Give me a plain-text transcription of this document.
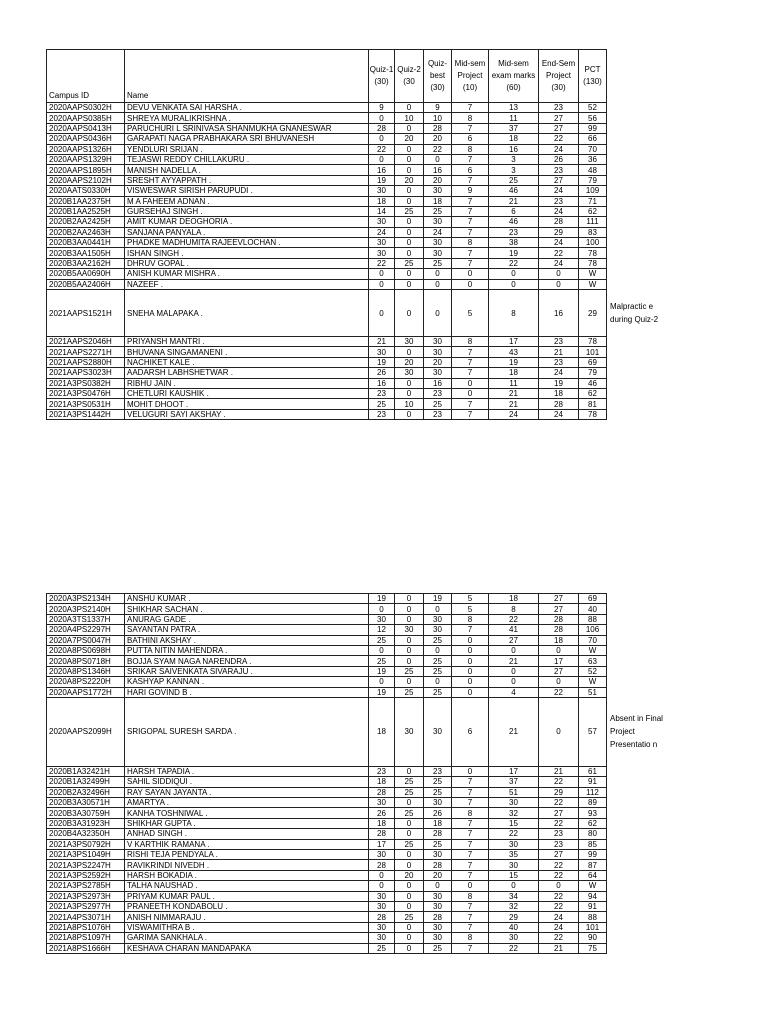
Campus ID	Name	Quiz-1 (30)	Quiz-2 (30	Quiz-best (30)	Mid-sem Project (10)	Mid-sem exam marks (60)	End-Sem Project (30)	PCT (130)	
2020AAPS0302H	DEVU VENKATA SAI HARSHA .	9	0	9	7	13	23	52	
2020AAPS0385H	SHREYA MURALIKRISHNA .	0	10	10	8	11	27	56	
2020AAPS0413H	PARUCHURI L SRINIVASA SHANMUKHA GNANESWAR	28	0	28	7	37	27	99	
2020AAPS0436H	GARAPATI NAGA PRABHAKARA SRI BHUVANESH	0	20	20	6	18	22	66	
2020AAPS1326H	YENDLURI SRIJAN .	22	0	22	8	16	24	70	
2020AAPS1329H	TEJASWI REDDY CHILLAKURU .	0	0	0	7	3	26	36	
2020AAPS1895H	MANISH NADELLA .	16	0	16	6	3	23	48	
2020AAPS2102H	SRESHT AYYAPPATH .	19	20	20	7	25	27	79	
2020AATS0330H	VISWESWAR SIRISH PARUPUDI .	30	0	30	9	46	24	109	
2020B1AA2375H	M A FAHEEM ADNAN .	18	0	18	7	21	23	71	
2020B1AA2525H	GURSEHAJ SINGH .	14	25	25	7	6	24	62	
2020B2AA2425H	AMIT KUMAR DEOGHORIA .	30	0	30	7	46	28	111	
2020B2AA2463H	SANJANA PANYALA .	24	0	24	7	23	29	83	
2020B3AA0441H	PHADKE MADHUMITA RAJEEVLOCHAN .	30	0	30	8	38	24	100	
2020B3AA1505H	ISHAN SINGH .	30	0	30	7	19	22	78	
2020B3AA2162H	DHRUV GOPAL .	22	25	25	7	22	24	78	
2020B5AA0690H	ANISH KUMAR MISHRA .	0	0	0	0	0	0	W	
2020B5AA2406H	NAZEEF .	0	0	0	0	0	0	W	
2021AAPS1521H	SNEHA MALAPAKA .	0	0	0	5	8	16	29	Malpractic e during Quiz-2
2021AAPS2046H	PRIYANSH MANTRI .	21	30	30	8	17	23	78	
2021AAPS2271H	BHUVANA SINGAMANENI .	30	0	30	7	43	21	101	
2021AAPS2880H	NACHIKET KALE .	19	20	20	7	19	23	69	
2021AAPS3023H	AADARSH LABHSHETWAR .	26	30	30	7	18	24	79	
2021A3PS0382H	RIBHU JAIN .	16	0	16	0	11	19	46	
2021A3PS0476H	CHETLURI KAUSHIK .	23	0	23	0	21	18	62	
2021A3PS0531H	MOHIT DHOOT .	25	10	25	7	21	28	81	
2021A3PS1442H	VELUGURI SAYI AKSHAY .	23	0	23	7	24	24	78	
2020A3PS2134H	ANSHU KUMAR .	19	0	19	5	18	27	69	
2020A3PS2140H	SHIKHAR SACHAN .	0	0	0	5	8	27	40	
2020A3TS1337H	ANURAG GADE .	30	0	30	8	22	28	88	
2020A4PS2297H	SAYANTAN PATRA .	12	30	30	7	41	28	106	
2020A7PS0047H	BATHINI AKSHAY .	25	0	25	0	27	18	70	
2020A8PS0698H	PUTTA NITIN MAHENDRA .	0	0	0	0	0	0	W	
2020A8PS0718H	BOJJA SYAM NAGA NARENDRA .	25	0	25	0	21	17	63	
2020A8PS1346H	SRIKAR SAIVENKATA SIVARAJU .	19	25	25	0	0	27	52	
2020A8PS2220H	KASHYAP KANNAN .	0	0	0	0	0	0	W	
2020AAPS1772H	HARI GOVIND B .	19	25	25	0	4	22	51	
2020AAPS2099H	SRIGOPAL SURESH SARDA .	18	30	30	6	21	0	57	Absent in Final Project Presentatio n
2020B1A32421H	HARSH TAPADIA .	23	0	23	0	17	21	61	
2020B1A32499H	SAHIL SIDDIQUI .	18	25	25	7	37	22	91	
2020B2A32496H	RAY SAYAN JAYANTA .	28	25	25	7	51	29	112	
2020B3A30571H	AMARTYA .	30	0	30	7	30	22	89	
2020B3A30759H	KANHA TOSHNIWAL .	26	25	26	8	32	27	93	
2020B3A31923H	SHIKHAR GUPTA .	18	0	18	7	15	22	62	
2020B4A32350H	ANHAD SINGH .	28	0	28	7	22	23	80	
2021A3PS0792H	V KARTHIK RAMANA .	17	25	25	7	30	23	85	
2021A3PS1049H	RISHI TEJA PENDYALA .	30	0	30	7	35	27	99	
2021A3PS2247H	RAVIKRINDI NIVEDH .	28	0	28	7	30	22	87	
2021A3PS2592H	HARSH BOKADIA .	0	20	20	7	15	22	64	
2021A3PS2785H	TALHA NAUSHAD .	0	0	0	0	0	0	W	
2021A3PS2973H	PRIYAM KUMAR PAUL .	30	0	30	8	34	22	94	
2021A3PS2977H	PRANEETH KONDABOLU .	30	0	30	7	32	22	91	
2021A4PS3071H	ANISH NIMMARAJU .	28	25	28	7	29	24	88	
2021A8PS1076H	VISWAMITHRA B .	30	0	30	7	40	24	101	
2021A8PS1097H	GARIMA SANKHALA .	30	0	30	8	30	22	90	
2021A8PS1666H	KESHAVA CHARAN MANDAPAKA	25	0	25	7	22	21	75	
